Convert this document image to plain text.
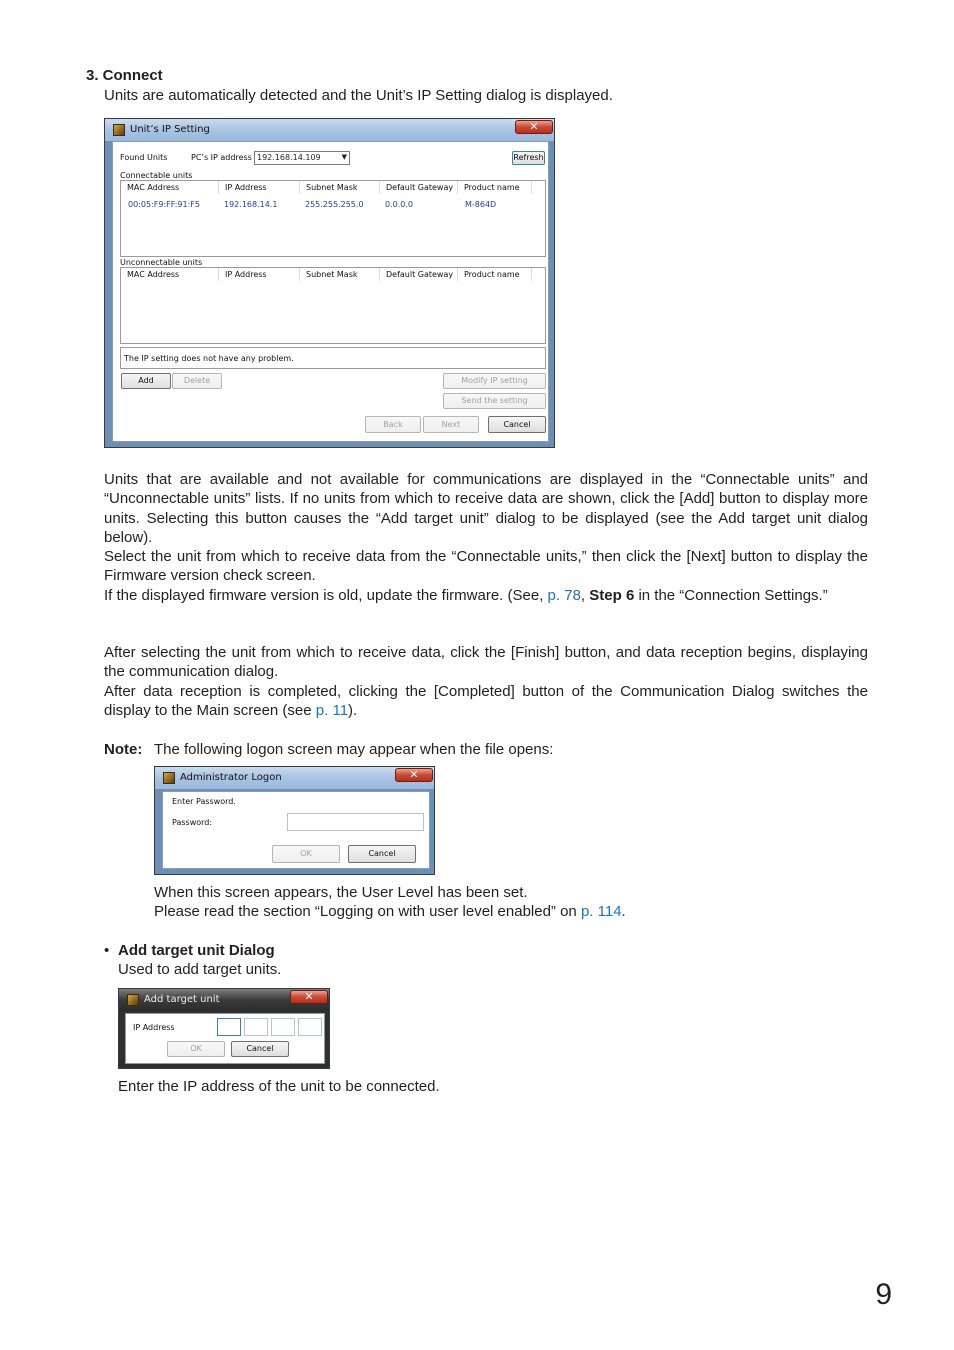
3. Connect
Units are automatically detected and the Unit’s IP Setting dialog is displayed.
Unit’s IP Setting	✕
Found Units	PC’s IP address 192.168.14.109	▼	Refresh
Connectable units
MAC Address	IP Address	Subnet Mask	Default Gateway	Product name
00:05:F9:FF:91:F5	192.168.14.1	255.255.255.0	0.0.0.0	M-864D
Unconnectable units
MAC Address	IP Address	Subnet Mask	Default Gateway	Product name
The IP setting does not have any problem.
Add	Delete	Modify IP setting
Send the setting
Back	Next	Cancel
Units that are available and not available for communications are displayed in the “Connectable units” and “Unconnectable units” lists. If no units from which to receive data are shown, click the [Add] button to display more units. Selecting this button causes the “Add target unit” dialog to be displayed (see the Add target unit dialog below).
Select the unit from which to receive data from the “Connectable units,” then click the [Next] button to display the Firmware version check screen.
If the displayed firmware version is old, update the firmware. (See, p. 78, Step 6 in the “Connection Settings.”
After selecting the unit from which to receive data, click the [Finish] button, and data reception begins, displaying the communication dialog.
After data reception is completed, clicking the [Completed] button of the Communication Dialog switches the display to the Main screen (see p. 11).
Note: The following logon screen may appear when the file opens:
Administrator Logon	✕
Enter Password.
Password:
OK	Cancel
When this screen appears, the User Level has been set.
Please read the section “Logging on with user level enabled” on p. 114.
• Add target unit Dialog
Used to add target units.
Add target unit	✕
IP Address
OK	Cancel
Enter the IP address of the unit to be connected.
9
